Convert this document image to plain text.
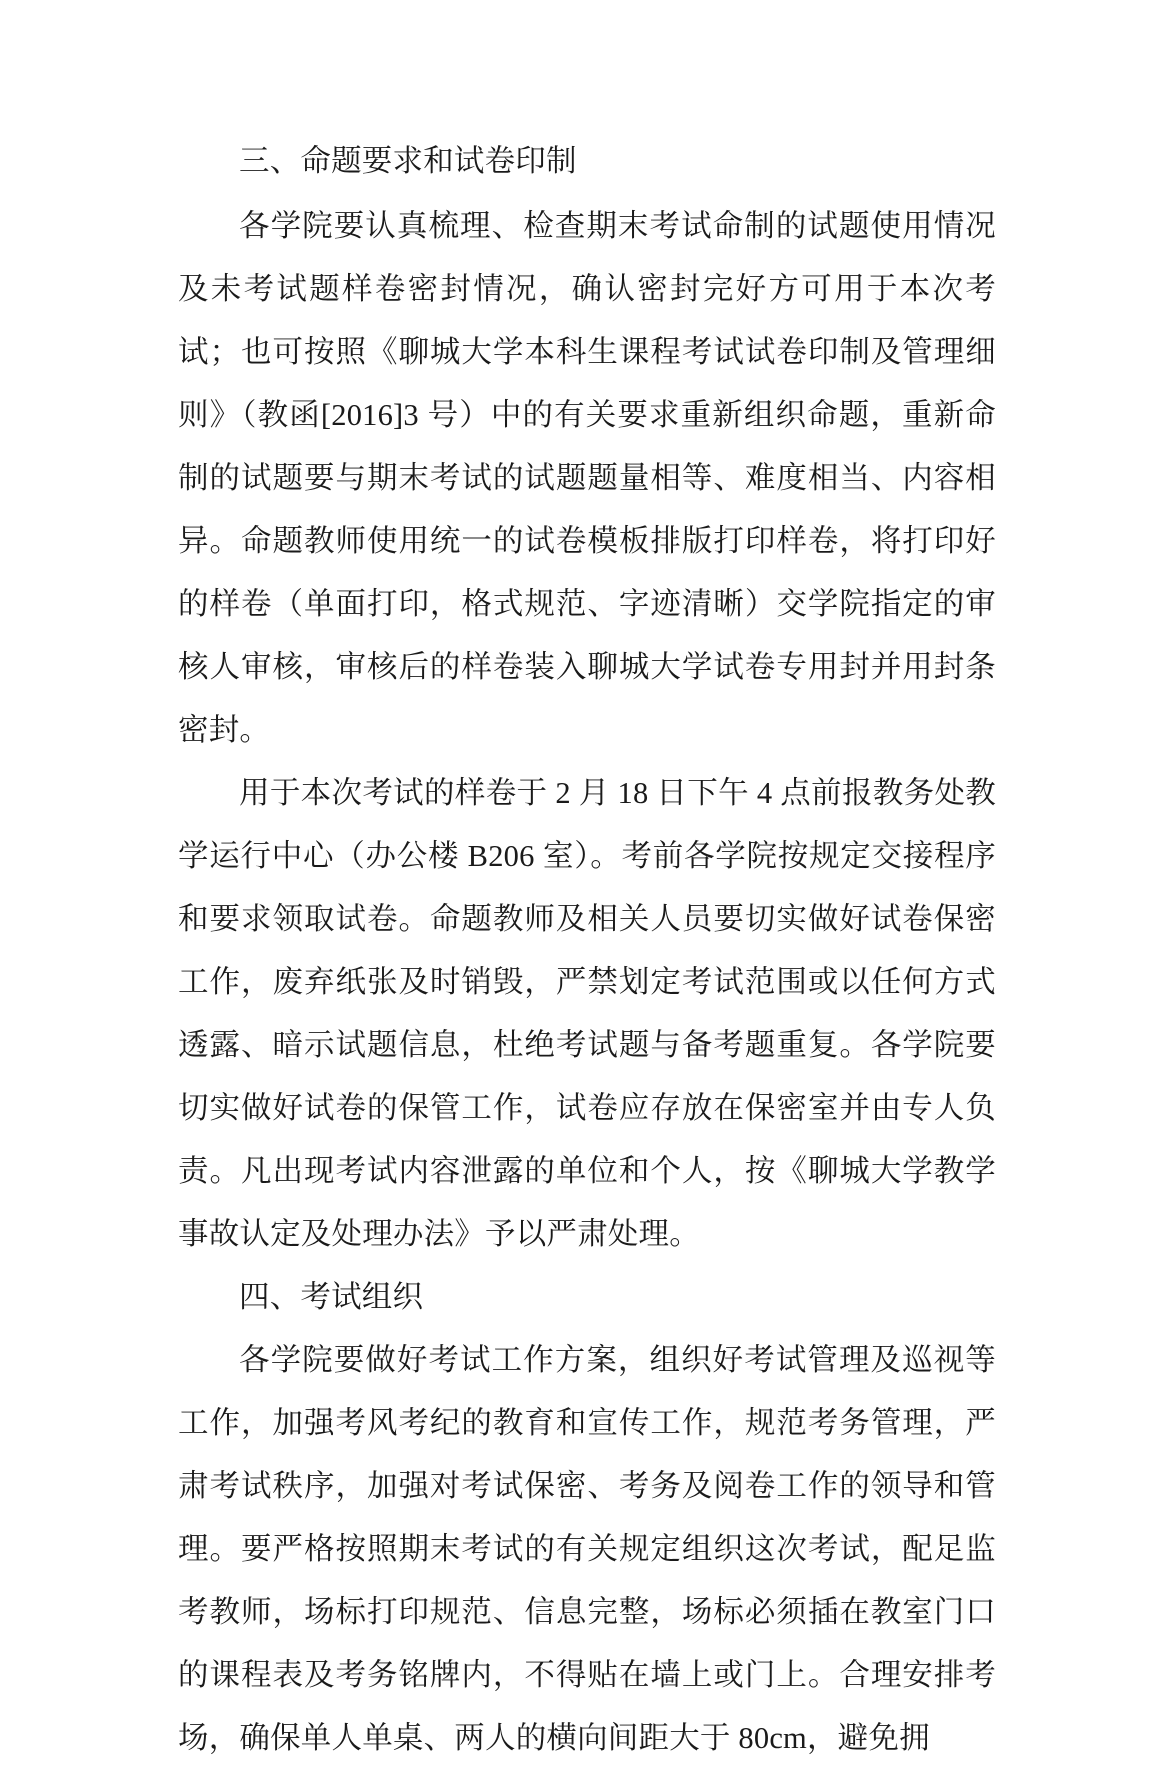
三、命题要求和试卷印制

各学院要认真梳理、检查期末考试命制的试题使用情况及未考试题样卷密封情况，确认密封完好方可用于本次考试；也可按照《聊城大学本科生课程考试试卷印制及管理细则》（教函[2016]3 号）中的有关要求重新组织命题，重新命制的试题要与期末考试的试题题量相等、难度相当、内容相异。命题教师使用统一的试卷模板排版打印样卷，将打印好的样卷（单面打印，格式规范、字迹清晰）交学院指定的审核人审核，审核后的样卷装入聊城大学试卷专用封并用封条密封。

用于本次考试的样卷于 2 月 18 日下午 4 点前报教务处教学运行中心（办公楼 B206 室）。考前各学院按规定交接程序和要求领取试卷。命题教师及相关人员要切实做好试卷保密工作，废弃纸张及时销毁，严禁划定考试范围或以任何方式透露、暗示试题信息，杜绝考试题与备考题重复。各学院要切实做好试卷的保管工作，试卷应存放在保密室并由专人负责。凡出现考试内容泄露的单位和个人，按《聊城大学教学事故认定及处理办法》予以严肃处理。

四、考试组织

各学院要做好考试工作方案，组织好考试管理及巡视等工作，加强考风考纪的教育和宣传工作，规范考务管理，严肃考试秩序，加强对考试保密、考务及阅卷工作的领导和管理。要严格按照期末考试的有关规定组织这次考试，配足监考教师，场标打印规范、信息完整，场标必须插在教室门口的课程表及考务铭牌内，不得贴在墙上或门上。合理安排考场，确保单人单桌、两人的横向间距大于 80cm，避免拥
